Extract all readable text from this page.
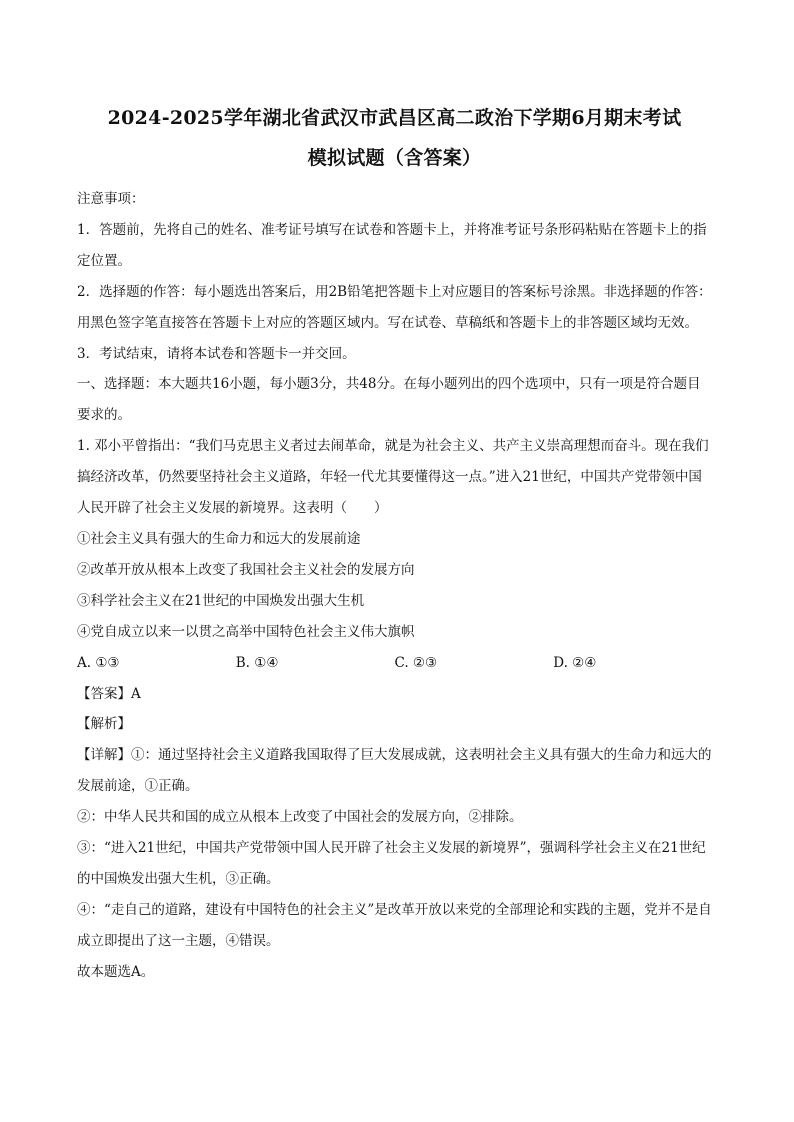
2024-2025学年湖北省武汉市武昌区高二政治下学期6月期末考试
模拟试题（含答案）

注意事项：

1．答题前，先将自己的姓名、准考证号填写在试卷和答题卡上，并将准考证号条形码粘贴在答题卡上的指定位置。

2．选择题的作答：每小题选出答案后，用2B铅笔把答题卡上对应题目的答案标号涂黑。非选择题的作答：用黑色签字笔直接答在答题卡上对应的答题区域内。写在试卷、草稿纸和答题卡上的非答题区域均无效。

3．考试结束，请将本试卷和答题卡一并交回。

一、选择题：本大题共16小题，每小题3分，共48分。在每小题列出的四个选项中，只有一项是符合题目要求的。

1. 邓小平曾指出：“我们马克思主义者过去闹革命，就是为社会主义、共产主义崇高理想而奋斗。现在我们搞经济改革，仍然要坚持社会主义道路，年轻一代尤其要懂得这一点。”进入21世纪，中国共产党带领中国人民开辟了社会主义发展的新境界。这表明（　　）

①社会主义具有强大的生命力和远大的发展前途

②改革开放从根本上改变了我国社会主义社会的发展方向

③科学社会主义在21世纪的中国焕发出强大生机

④党自成立以来一以贯之高举中国特色社会主义伟大旗帜

A. ①③	B. ①④	C. ②③	D. ②④

【答案】A

【解析】

【详解】①：通过坚持社会主义道路我国取得了巨大发展成就，这表明社会主义具有强大的生命力和远大的发展前途，①正确。

②：中华人民共和国的成立从根本上改变了中国社会的发展方向，②排除。

③：“进入21世纪，中国共产党带领中国人民开辟了社会主义发展的新境界”，强调科学社会主义在21世纪的中国焕发出强大生机，③正确。

④：“走自己的道路，建设有中国特色的社会主义”是改革开放以来党的全部理论和实践的主题，党并不是自成立即提出了这一主题，④错误。

故本题选A。
